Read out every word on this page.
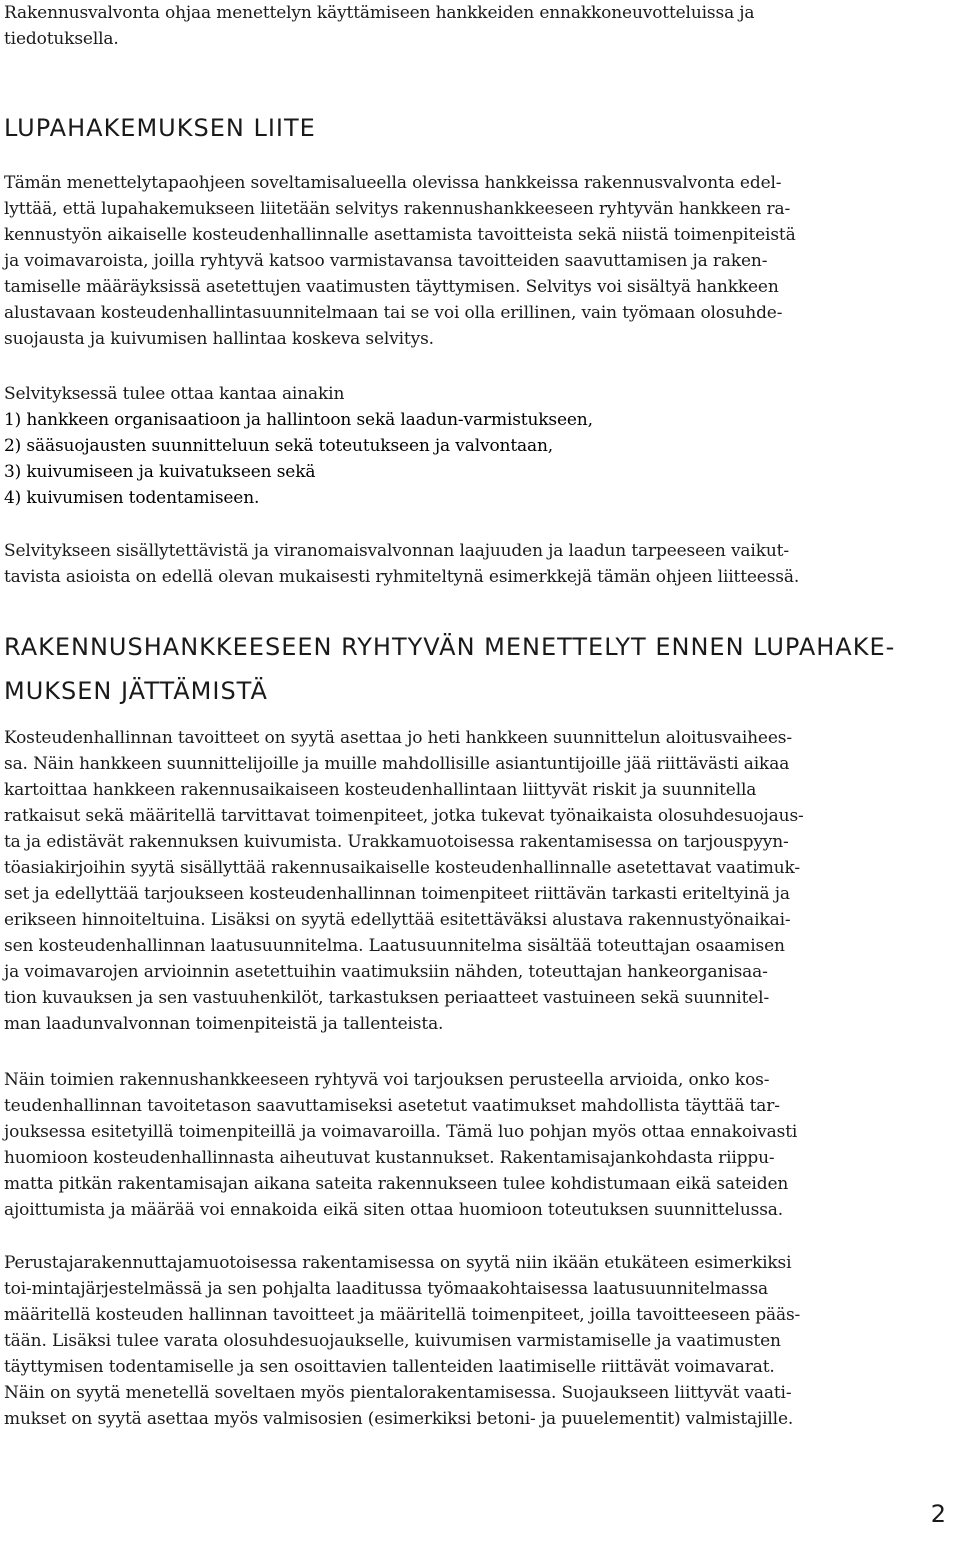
Rakennusvalvonta ohjaa menettelyn käyttämiseen hankkeiden ennakkoneuvotteluissa ja
tiedotuksella.
LUPAHAKEMUKSEN LIITE
Tämän menettelytapaohjeen soveltamisalueella olevissa hankkeissa rakennusvalvonta edel-
lyttää, että lupahakemukseen liitetään selvitys rakennushankkeeseen ryhtyvän hankkeen ra-
kennustyön aikaiselle kosteudenhallinnalle asettamista tavoitteista sekä niistä toimenpiteistä
ja voimavaroista, joilla ryhtyvä katsoo varmistavansa tavoitteiden saavuttamisen ja raken-
tamiselle määräyksissä asetettujen vaatimusten täyttymisen. Selvitys voi sisältyä hankkeen
alustavaan kosteudenhallintasuunnitelmaan tai se voi olla erillinen, vain työmaan olosuhde-
suojausta ja kuivumisen hallintaa koskeva selvitys.
Selvityksessä tulee ottaa kantaa ainakin
1) hankkeen organisaatioon ja hallintoon sekä laadun-varmistukseen,
2) sääsuojausten suunnitteluun sekä toteutukseen ja valvontaan,
3) kuivumiseen ja kuivatukseen sekä
4) kuivumisen todentamiseen.
Selvitykseen sisällytettävistä ja viranomaisvalvonnan laajuuden ja laadun tarpeeseen vaikut-
tavista asioista on edellä olevan mukaisesti ryhmiteltynä esimerkkejä tämän ohjeen liitteessä.
RAKENNUSHANKKEESEEN RYHTYVÄN MENETTELYT ENNEN LUPAHAKE-
MUKSEN JÄTTÄMISTÄ
Kosteudenhallinnan tavoitteet on syytä asettaa jo heti hankkeen suunnittelun aloitusvaihees-
sa. Näin hankkeen suunnittelijoille ja muille mahdollisille asiantuntijoille jää riittävästi aikaa
kartoittaa hankkeen rakennusaikaiseen kosteudenhallintaan liittyvät riskit ja suunnitella
ratkaisut sekä määritellä tarvittavat toimenpiteet, jotka tukevat työnaikaista olosuhdesuojaus-
ta ja edistävät rakennuksen kuivumista. Urakkamuotoisessa rakentamisessa on tarjouspyyn-
töasiakirjoihin syytä sisällyttää rakennusaikaiselle kosteudenhallinnalle asetettavat vaatimuk-
set ja edellyttää tarjoukseen kosteudenhallinnan toimenpiteet riittävän tarkasti eriteltyinä ja
erikseen hinnoiteltuina. Lisäksi on syytä edellyttää esitettäväksi alustava rakennustyönaikai-
sen kosteudenhallinnan laatusuunnitelma. Laatusuunnitelma sisältää toteuttajan osaamisen
ja voimavarojen arvioinnin asetettuihin vaatimuksiin nähden, toteuttajan hankeorganisaa-
tion kuvauksen ja sen vastuuhenkilöt, tarkastuksen periaatteet vastuineen sekä suunnitel-
man laadunvalvonnan toimenpiteistä ja tallenteista.
Näin toimien rakennushankkeeseen ryhtyvä voi tarjouksen perusteella arvioida, onko kos-
teudenhallinnan tavoitetason saavuttamiseksi asetetut vaatimukset mahdollista täyttää tar-
jouksessa esitetyillä toimenpiteillä ja voimavaroilla. Tämä luo pohjan myös ottaa ennakoivasti
huomioon kosteudenhallinnasta aiheutuvat kustannukset. Rakentamisajankohdasta riippu-
matta pitkän rakentamisajan aikana sateita rakennukseen tulee kohdistumaan eikä sateiden
ajoittumista ja määrää voi ennakoida eikä siten ottaa huomioon toteutuksen suunnittelussa.
Perustajarakennuttajamuotoisessa rakentamisessa on syytä niin ikään etukäteen esimerkiksi
toi-mintajärjestelmässä ja sen pohjalta laaditussa työmaakohtaisessa laatusuunnitelmassa
määritellä kosteuden hallinnan tavoitteet ja määritellä toimenpiteet, joilla tavoitteeseen pääs-
tään. Lisäksi tulee varata olosuhdesuojaukselle, kuivumisen varmistamiselle ja vaatimusten
täyttymisen todentamiselle ja sen osoittavien tallenteiden laatimiselle riittävät voimavarat.
Näin on syytä menetellä soveltaen myös pientalorakentamisessa. Suojaukseen liittyvät vaati-
mukset on syytä asettaa myös valmisosien (esimerkiksi betoni- ja puuelementit) valmistajille.
2
